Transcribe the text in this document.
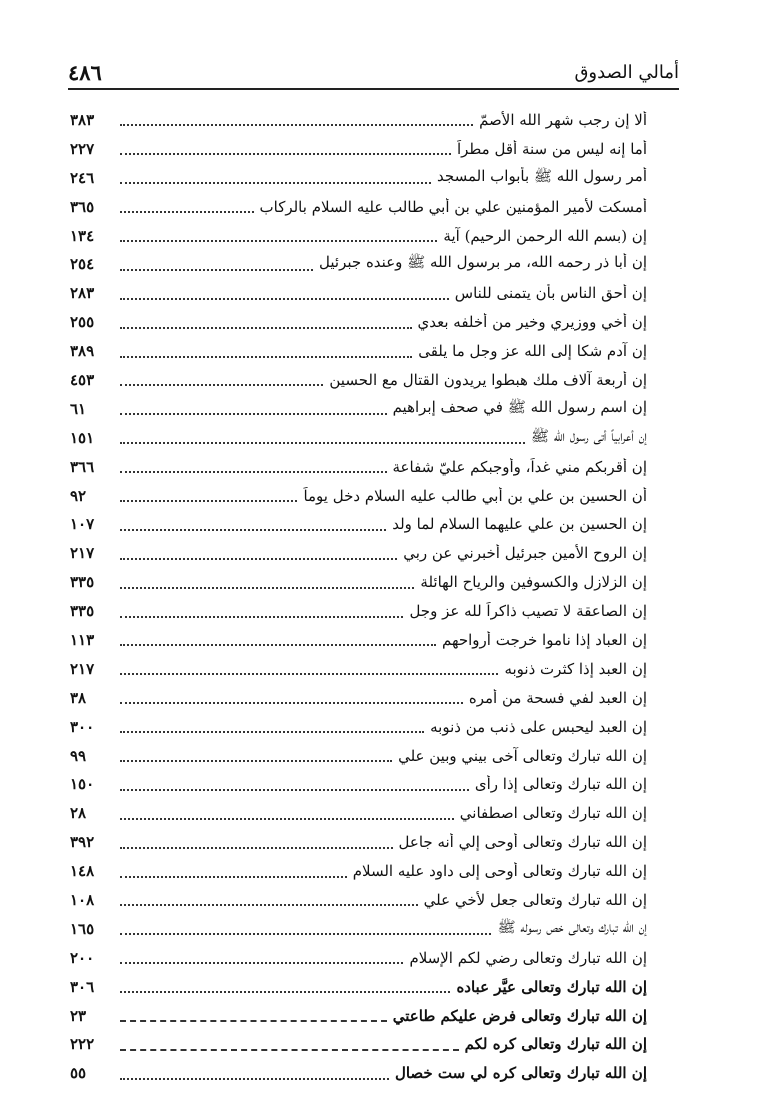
٤٨٦	أمالي الصدوق
٣٨٣	ألا إن رجب شهر الله الأصمّ
٢٢٧	أما إنه ليس من سنة أقل مطراً
٢٤٦	أمر رسول الله ﷺ بأبواب المسجد
٣٦٥	أمسكت لأمير المؤمنين علي بن أبي طالب عليه السلام بالركاب
١٣٤	إن (بسم الله الرحمن الرحيم) آية
٢٥٤	إن أبا ذر رحمه الله، مر برسول الله ﷺ وعنده جبرئيل
٢٨٣	إن أحق الناس بأن يتمنى للناس
٢٥٥	إن أخي ووزيري وخير من أخلفه بعدي
٣٨٩	إن آدم شكا إلى الله عز وجل ما يلقى
٤٥٣	إن أربعة آلاف ملك هبطوا يريدون القتال مع الحسين
٦١	إن اسم رسول الله ﷺ في صحف إبراهيم
١٥١	إن أعرابياً أتى رسول الله ﷺ
٣٦٦	إن أقربكم مني غداً، وأوجبكم عليّ شفاعة
٩٢	أن الحسين بن علي بن أبي طالب عليه السلام دخل يوماً
١٠٧	إن الحسين بن علي عليهما السلام لما ولد
٢١٧	إن الروح الأمين جبرئيل أخبرني عن ربي
٣٣٥	إن الزلازل والكسوفين والرياح الهائلة
٣٣٥	إن الصاعقة لا تصيب ذاكراً لله عز وجل
١١٣	إن العباد إذا ناموا خرجت أرواحهم
٢١٧	إن العبد إذا كثرت ذنوبه
٣٨	إن العبد لفي فسحة من أمره
٣٠٠	إن العبد ليحبس على ذنب من ذنوبه
٩٩	إن الله تبارك وتعالى آخى بيني وبين علي
١٥٠	إن الله تبارك وتعالى إذا رأى
٢٨	إن الله تبارك وتعالى اصطفاني
٣٩٢	إن الله تبارك وتعالى أوحى إلي أنه جاعل
١٤٨	إن الله تبارك وتعالى أوحى إلى داود عليه السلام
١٠٨	إن الله تبارك وتعالى جعل لأخي علي
١٦٥	إن الله تبارك وتعالى خص رسوله ﷺ
٢٠٠	إن الله تبارك وتعالى رضي لكم الإسلام
٣٠٦	إن الله تبارك وتعالى عيَّر عباده
٢٣	إن الله تبارك وتعالى فرض عليكم طاعتي
٢٢٢	إن الله تبارك وتعالى كره لكم
٥٥	إن الله تبارك وتعالى كره لي ست خصال
